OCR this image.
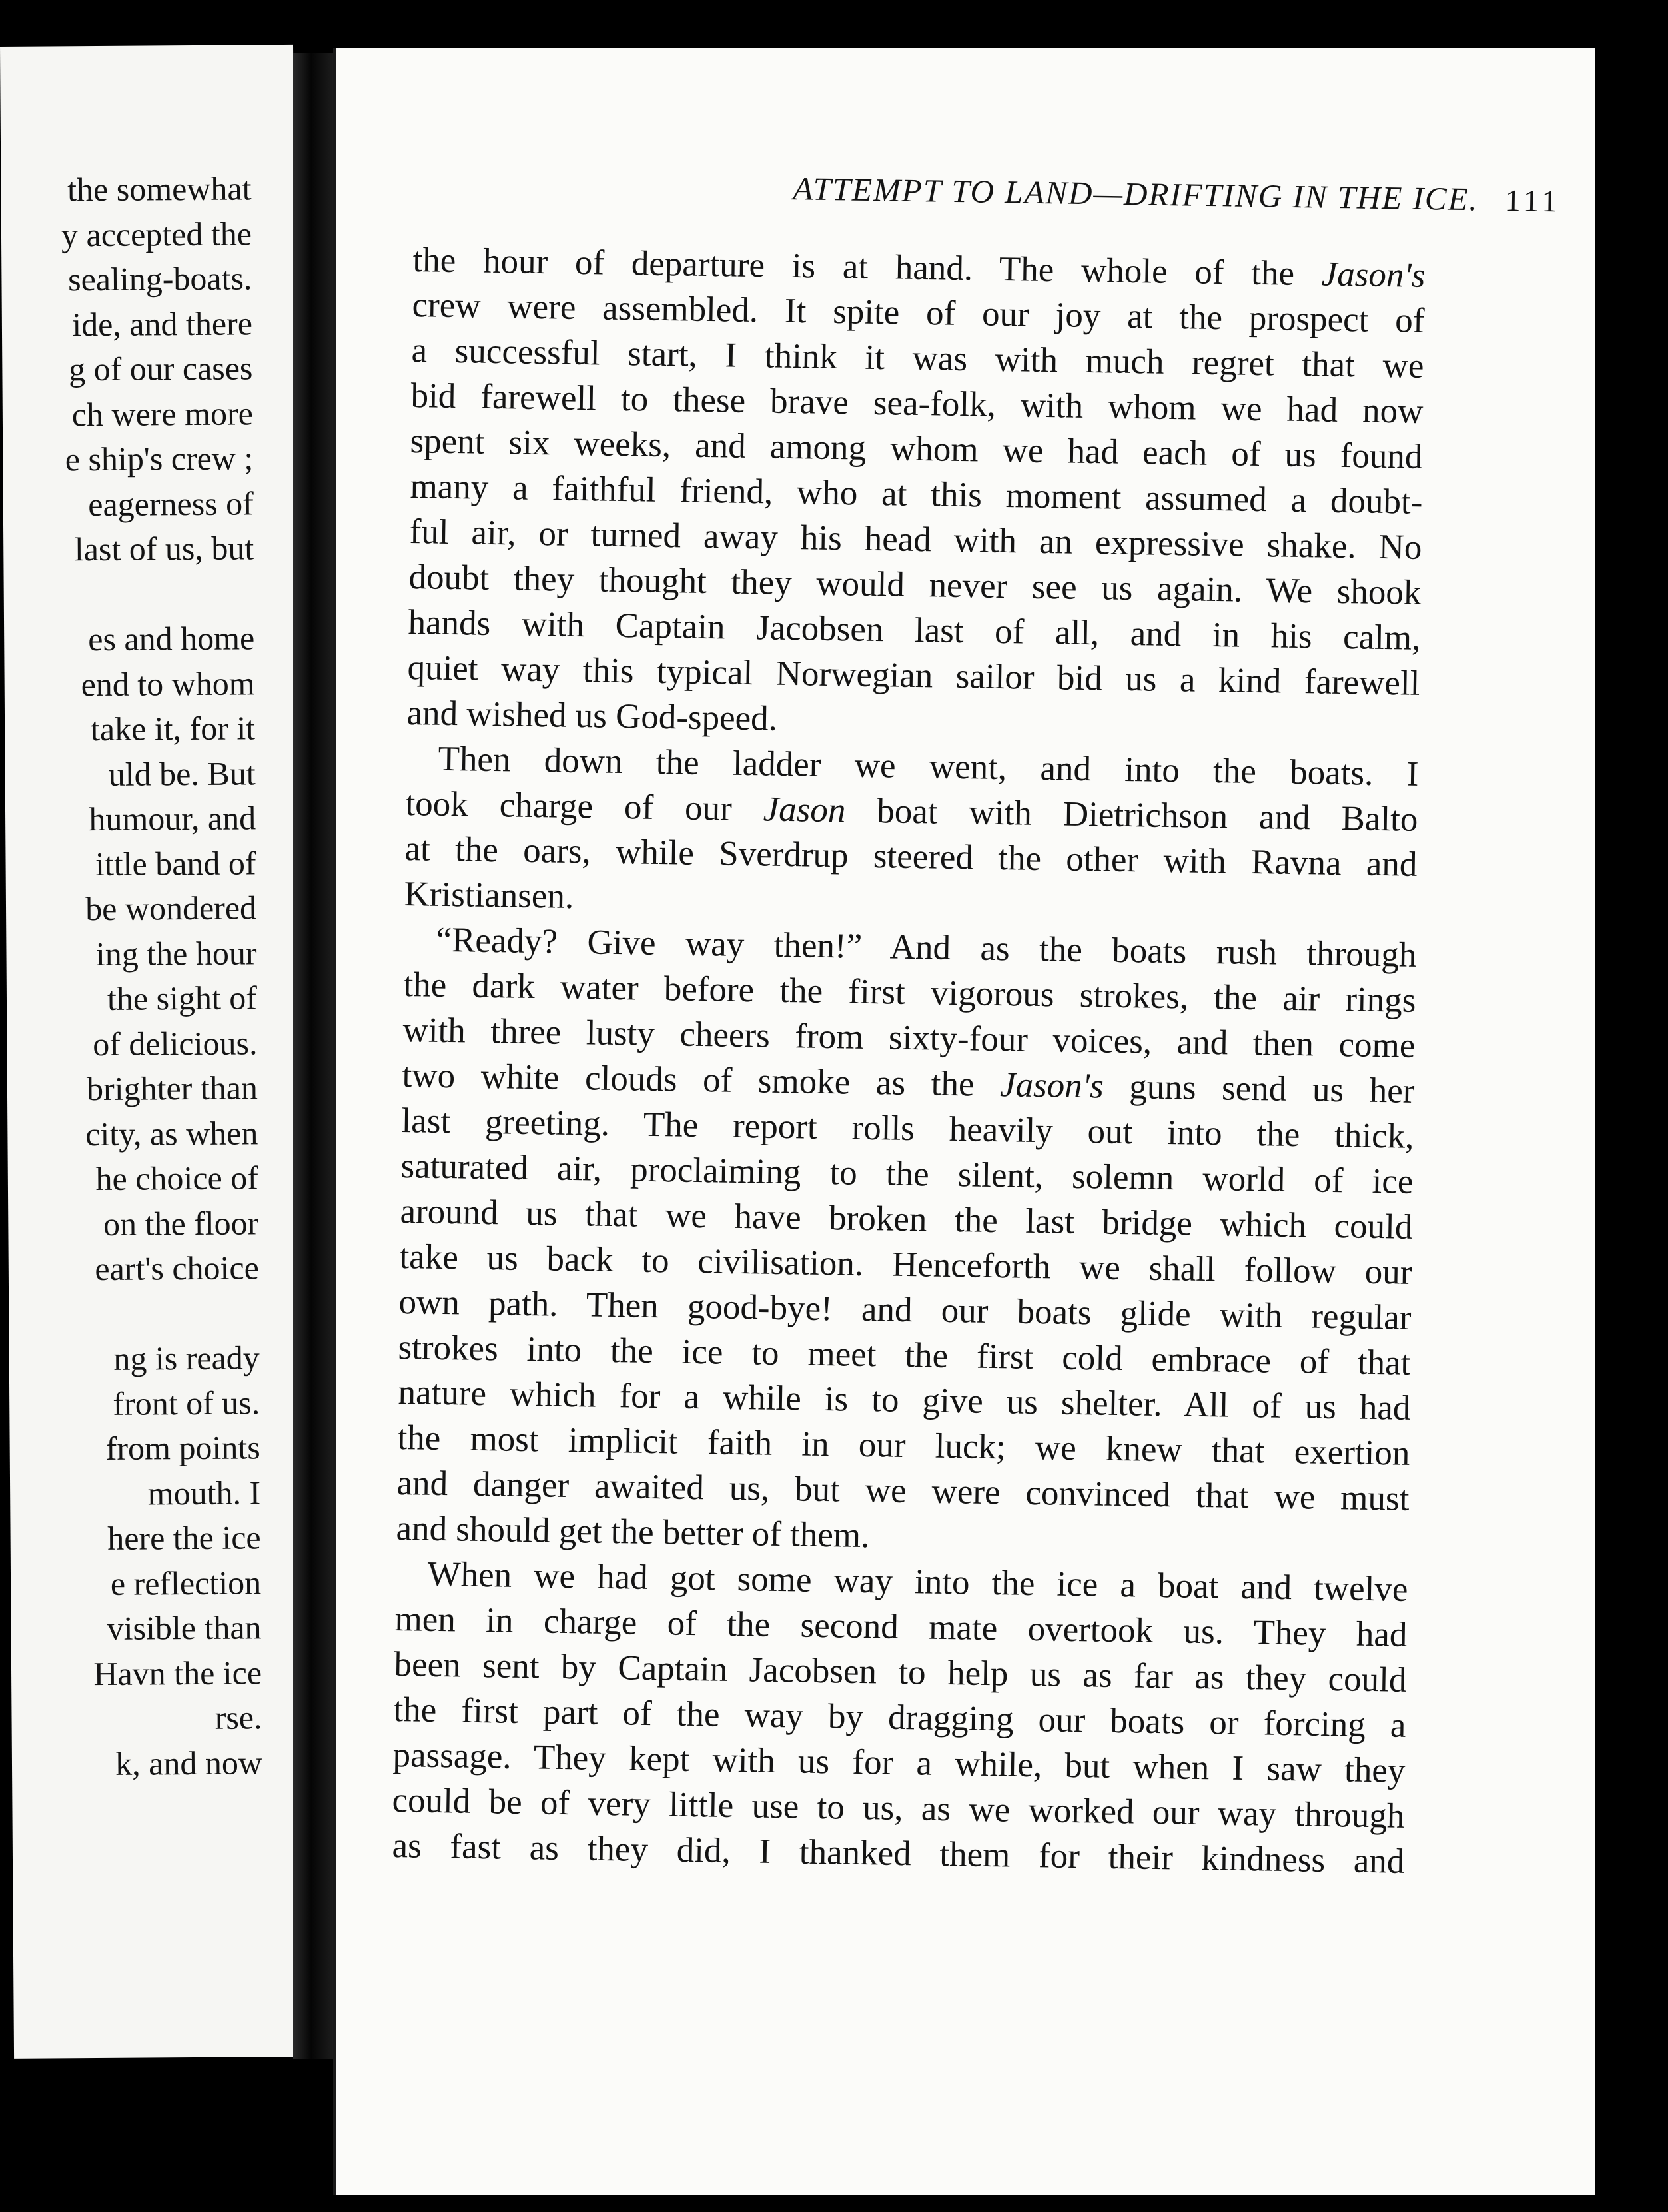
the somewhat
y accepted the
sealing-boats.
ide, and there
g of our cases
ch were more
e ship's crew ;
eagerness of
last of us, but
es and home
end to whom
take it, for it
uld be. But
humour, and
ittle band of
be wondered
ing the hour
the sight of
of delicious.
brighter than
city, as when
he choice of
on the floor
eart's choice
ng is ready
front of us.
from points
mouth. I
here the ice
e reflection
visible than
Havn the ice
rse.
k, and now
ATTEMPT TO LAND—DRIFTING IN THE ICE. 111
the hour of departure is at hand. The whole of the Jason's
crew were assembled. It spite of our joy at the prospect of
a successful start, I think it was with much regret that we
bid farewell to these brave sea-folk, with whom we had now
spent six weeks, and among whom we had each of us found
many a faithful friend, who at this moment assumed a doubt-
ful air, or turned away his head with an expressive shake. No
doubt they thought they would never see us again. We shook
hands with Captain Jacobsen last of all, and in his calm,
quiet way this typical Norwegian sailor bid us a kind farewell
and wished us God-speed.
Then down the ladder we went, and into the boats. I
took charge of our Jason boat with Dietrichson and Balto
at the oars, while Sverdrup steered the other with Ravna and
Kristiansen.
“Ready? Give way then!” And as the boats rush through
the dark water before the first vigorous strokes, the air rings
with three lusty cheers from sixty-four voices, and then come
two white clouds of smoke as the Jason's guns send us her
last greeting. The report rolls heavily out into the thick,
saturated air, proclaiming to the silent, solemn world of ice
around us that we have broken the last bridge which could
take us back to civilisation. Henceforth we shall follow our
own path. Then good-bye! and our boats glide with regular
strokes into the ice to meet the first cold embrace of that
nature which for a while is to give us shelter. All of us had
the most implicit faith in our luck; we knew that exertion
and danger awaited us, but we were convinced that we must
and should get the better of them.
When we had got some way into the ice a boat and twelve
men in charge of the second mate overtook us. They had
been sent by Captain Jacobsen to help us as far as they could
the first part of the way by dragging our boats or forcing a
passage. They kept with us for a while, but when I saw they
could be of very little use to us, as we worked our way through
as fast as they did, I thanked them for their kindness and
